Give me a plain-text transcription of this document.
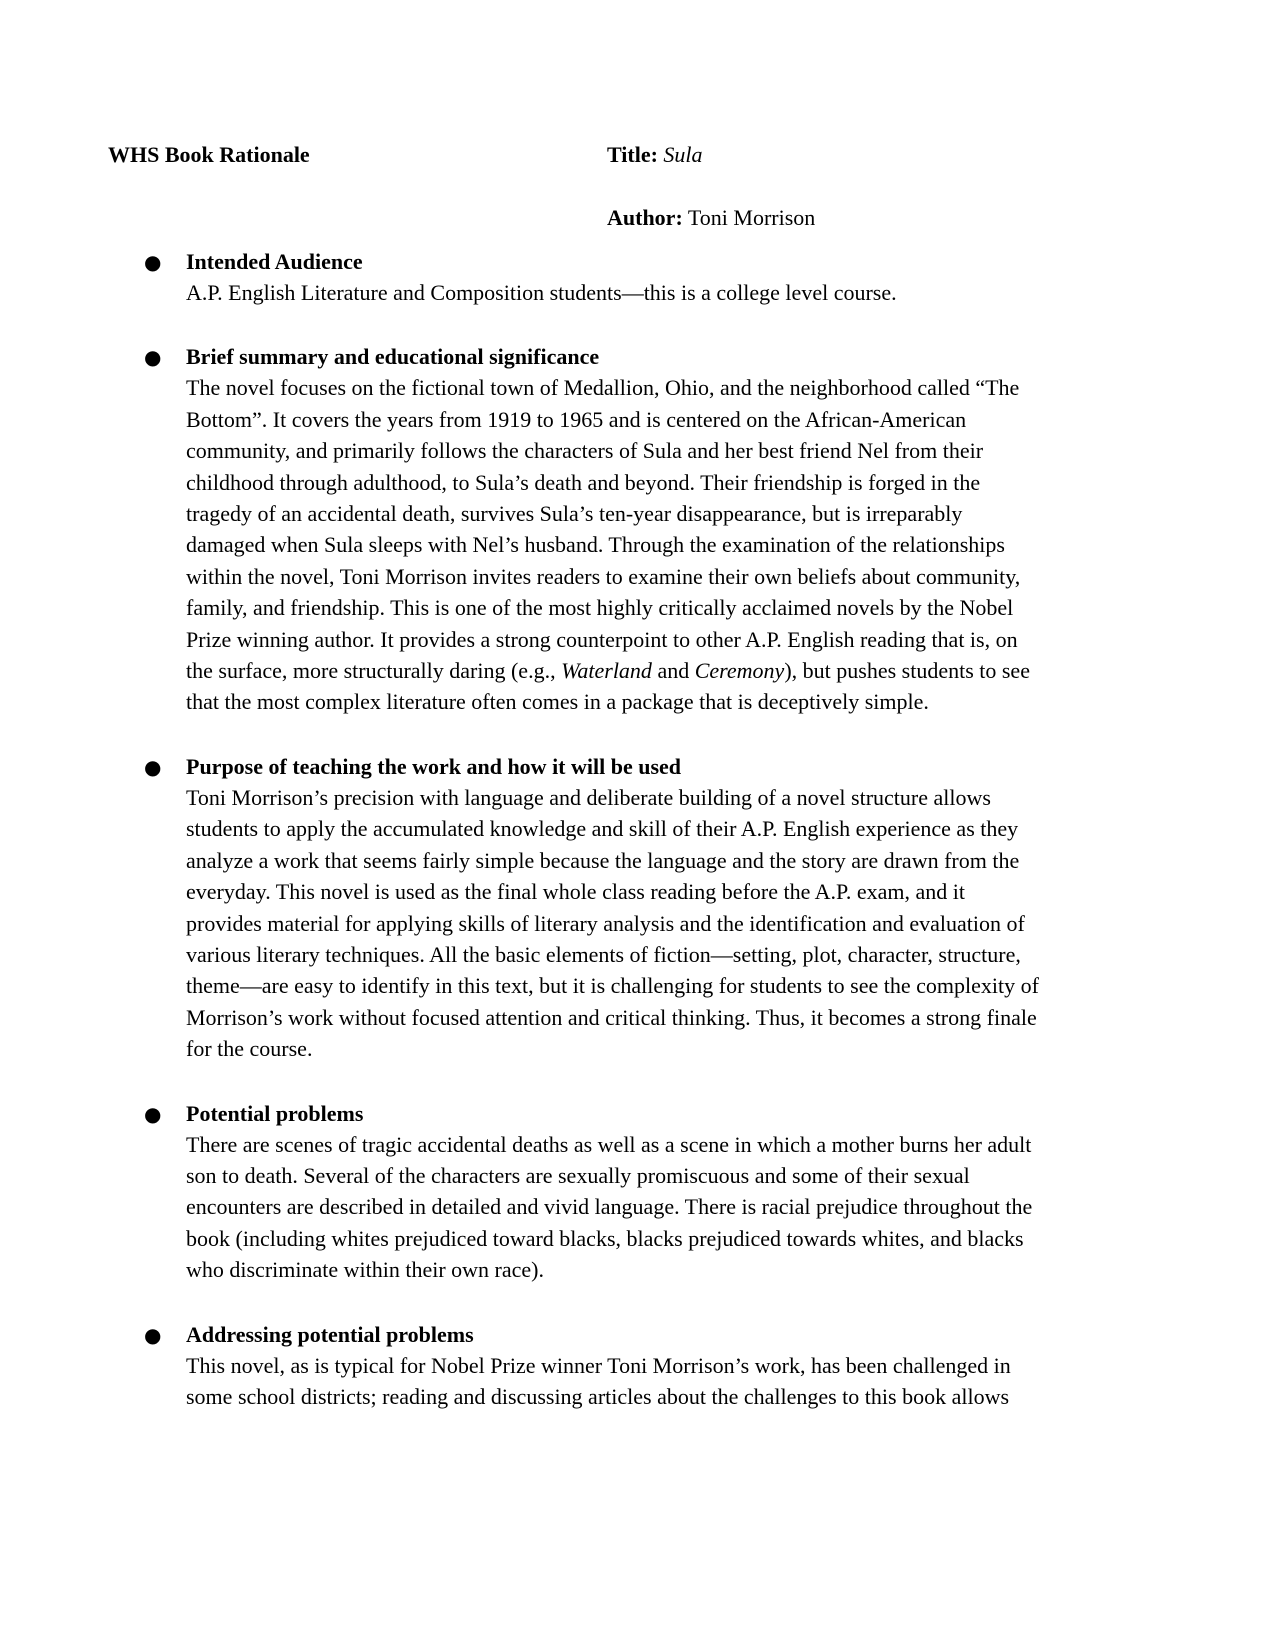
WHS Book Rationale	Title: Sula
Author: Toni Morrison
● Intended Audience
A.P. English Literature and Composition students—this is a college level course.
● Brief summary and educational significance
The novel focuses on the fictional town of Medallion, Ohio, and the neighborhood called “The
Bottom”. It covers the years from 1919 to 1965 and is centered on the African-American
community, and primarily follows the characters of Sula and her best friend Nel from their
childhood through adulthood, to Sula’s death and beyond. Their friendship is forged in the
tragedy of an accidental death, survives Sula’s ten-year disappearance, but is irreparably
damaged when Sula sleeps with Nel’s husband. Through the examination of the relationships
within the novel, Toni Morrison invites readers to examine their own beliefs about community,
family, and friendship. This is one of the most highly critically acclaimed novels by the Nobel
Prize winning author. It provides a strong counterpoint to other A.P. English reading that is, on
the surface, more structurally daring (e.g., Waterland and Ceremony), but pushes students to see
that the most complex literature often comes in a package that is deceptively simple.
● Purpose of teaching the work and how it will be used
Toni Morrison’s precision with language and deliberate building of a novel structure allows
students to apply the accumulated knowledge and skill of their A.P. English experience as they
analyze a work that seems fairly simple because the language and the story are drawn from the
everyday. This novel is used as the final whole class reading before the A.P. exam, and it
provides material for applying skills of literary analysis and the identification and evaluation of
various literary techniques. All the basic elements of fiction—setting, plot, character, structure,
theme—are easy to identify in this text, but it is challenging for students to see the complexity of
Morrison’s work without focused attention and critical thinking. Thus, it becomes a strong finale
for the course.
● Potential problems
There are scenes of tragic accidental deaths as well as a scene in which a mother burns her adult
son to death. Several of the characters are sexually promiscuous and some of their sexual
encounters are described in detailed and vivid language. There is racial prejudice throughout the
book (including whites prejudiced toward blacks, blacks prejudiced towards whites, and blacks
who discriminate within their own race).
● Addressing potential problems
This novel, as is typical for Nobel Prize winner Toni Morrison’s work, has been challenged in
some school districts; reading and discussing articles about the challenges to this book allows
